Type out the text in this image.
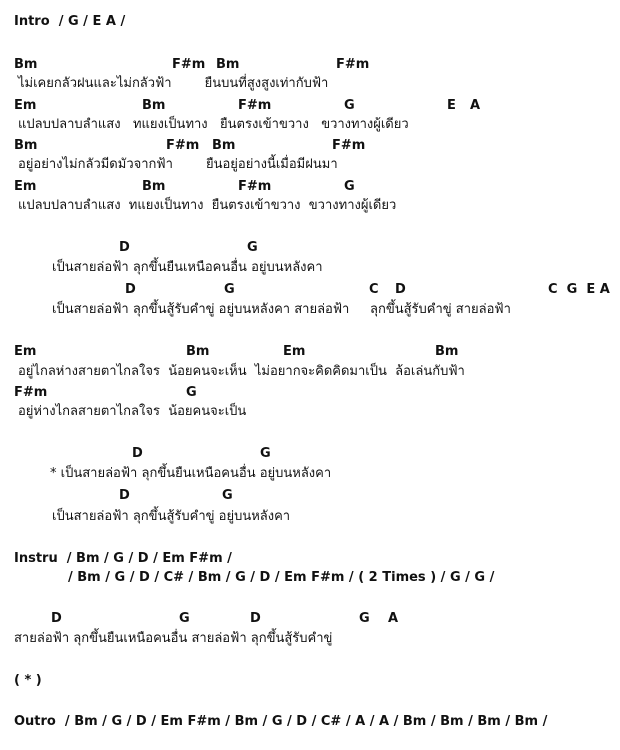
Intro  / G / E A /
Bm	F#m Bm	F#m
ไม่เคยกลัวฝนและไม่กลัวฟ้า        ยืนบนที่สูงสูงเท่ากับฟ้า
Em	Bm	F#m	G	E A
แปลบปลาบลำแสง   ทแยงเป็นทาง   ยืนตรงเข้าขวาง   ขวางทางผู้เดียว
Bm	F#m Bm	F#m
อยู่อย่างไม่กลัวมีดมัวจากฟ้า        ยืนอยู่อย่างนี้เมื่อมีฝนมา
Em	Bm	F#m	G
แปลบปลาบลำแสง  ทแยงเป็นทาง  ยืนตรงเข้าขวาง  ขวางทางผู้เดียว
D	G
เป็นสายล่อฟ้า ลุกขึ้นยืนเหนือคนอื่น อยู่บนหลังคา
D	G	C D	C  G  E A
เป็นสายล่อฟ้า ลุกขึ้นสู้รับคำขู่ อยู่บนหลังคา สายล่อฟ้า     ลุกขึ้นสู้รับคำขู่ สายล่อฟ้า
Em	Bm	Em	Bm
อยู่ไกลห่างสายตาไกลใจร  น้อยคนจะเห็น  ไม่อยากจะคิดคิดมาเป็น  ล้อเล่นกับฟ้า
F#m	G
อยู่ห่างไกลสายตาไกลใจร  น้อยคนจะเป็น
D	G
* เป็นสายล่อฟ้า ลุกขึ้นยืนเหนือคนอื่น อยู่บนหลังคา
D	G
เป็นสายล่อฟ้า ลุกขึ้นสู้รับคำขู่ อยู่บนหลังคา
Instru  / Bm / G / D / Em F#m /
/ Bm / G / D / C# / Bm / G / D / Em F#m / ( 2 Times ) / G / G /
D	G	D	G A
สายล่อฟ้า ลุกขึ้นยืนเหนือคนอื่น สายล่อฟ้า ลุกขึ้นสู้รับคำขู่
( * )
Outro  / Bm / G / D / Em F#m / Bm / G / D / C# / A / A / Bm / Bm / Bm / Bm /
